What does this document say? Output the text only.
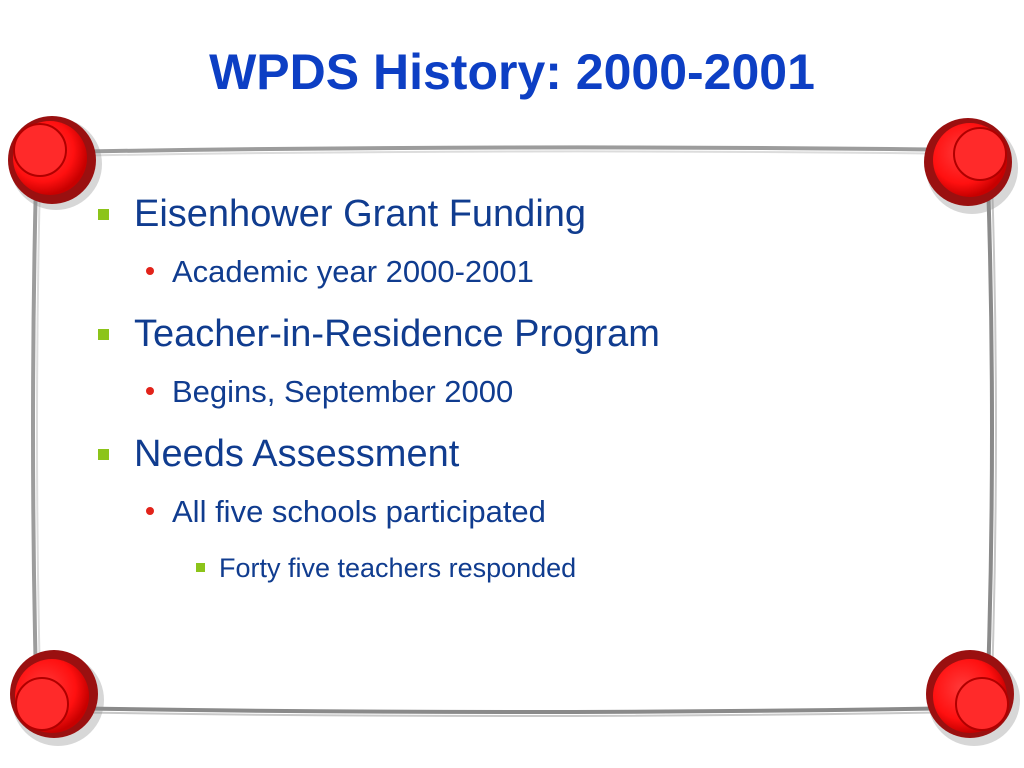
WPDS History: 2000-2001
Eisenhower Grant Funding
Academic year 2000-2001
Teacher-in-Residence Program
Begins, September 2000
Needs Assessment
All five schools participated
Forty five teachers responded
